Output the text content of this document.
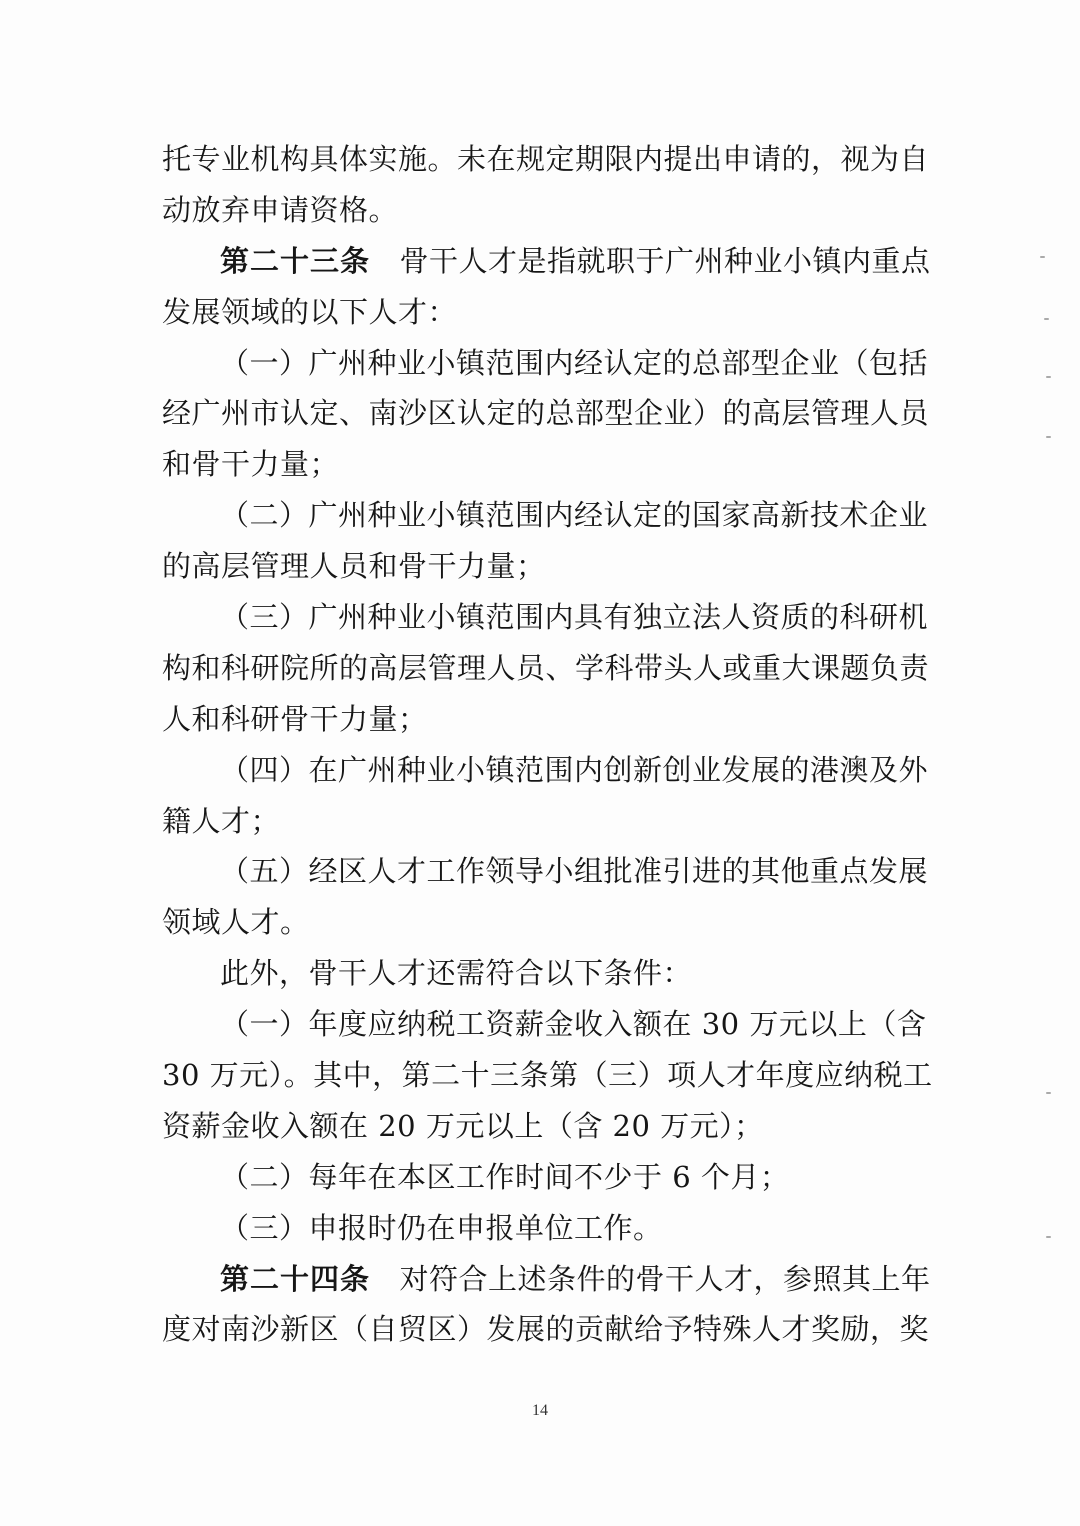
托专业机构具体实施。未在规定期限内提出申请的，视为自
动放弃申请资格。
第二十三条　 骨干人才是指就职于广州种业小镇内重点
发展领域的以下人才：
（一）广州种业小镇范围内经认定的总部型企业（包括
经广州市认定、南沙区认定的总部型企业）的高层管理人员
和骨干力量；
（二）广州种业小镇范围内经认定的国家高新技术企业
的高层管理人员和骨干力量；
（三）广州种业小镇范围内具有独立法人资质的科研机
构和科研院所的高层管理人员、学科带头人或重大课题负责
人和科研骨干力量；
（四）在广州种业小镇范围内创新创业发展的港澳及外
籍人才；
（五）经区人才工作领导小组批准引进的其他重点发展
领域人才。
此外，骨干人才还需符合以下条件：
（一）年度应纳税工资薪金收入额在 30 万元以上（含
30 万元）。其中，第二十三条第（三）项人才年度应纳税工
资薪金收入额在 20 万元以上（含 20 万元）；
（二）每年在本区工作时间不少于 6 个月；
（三）申报时仍在申报单位工作。
第二十四条　 对符合上述条件的骨干人才，参照其上年
度对南沙新区（自贸区）发展的贡献给予特殊人才奖励，奖
14
